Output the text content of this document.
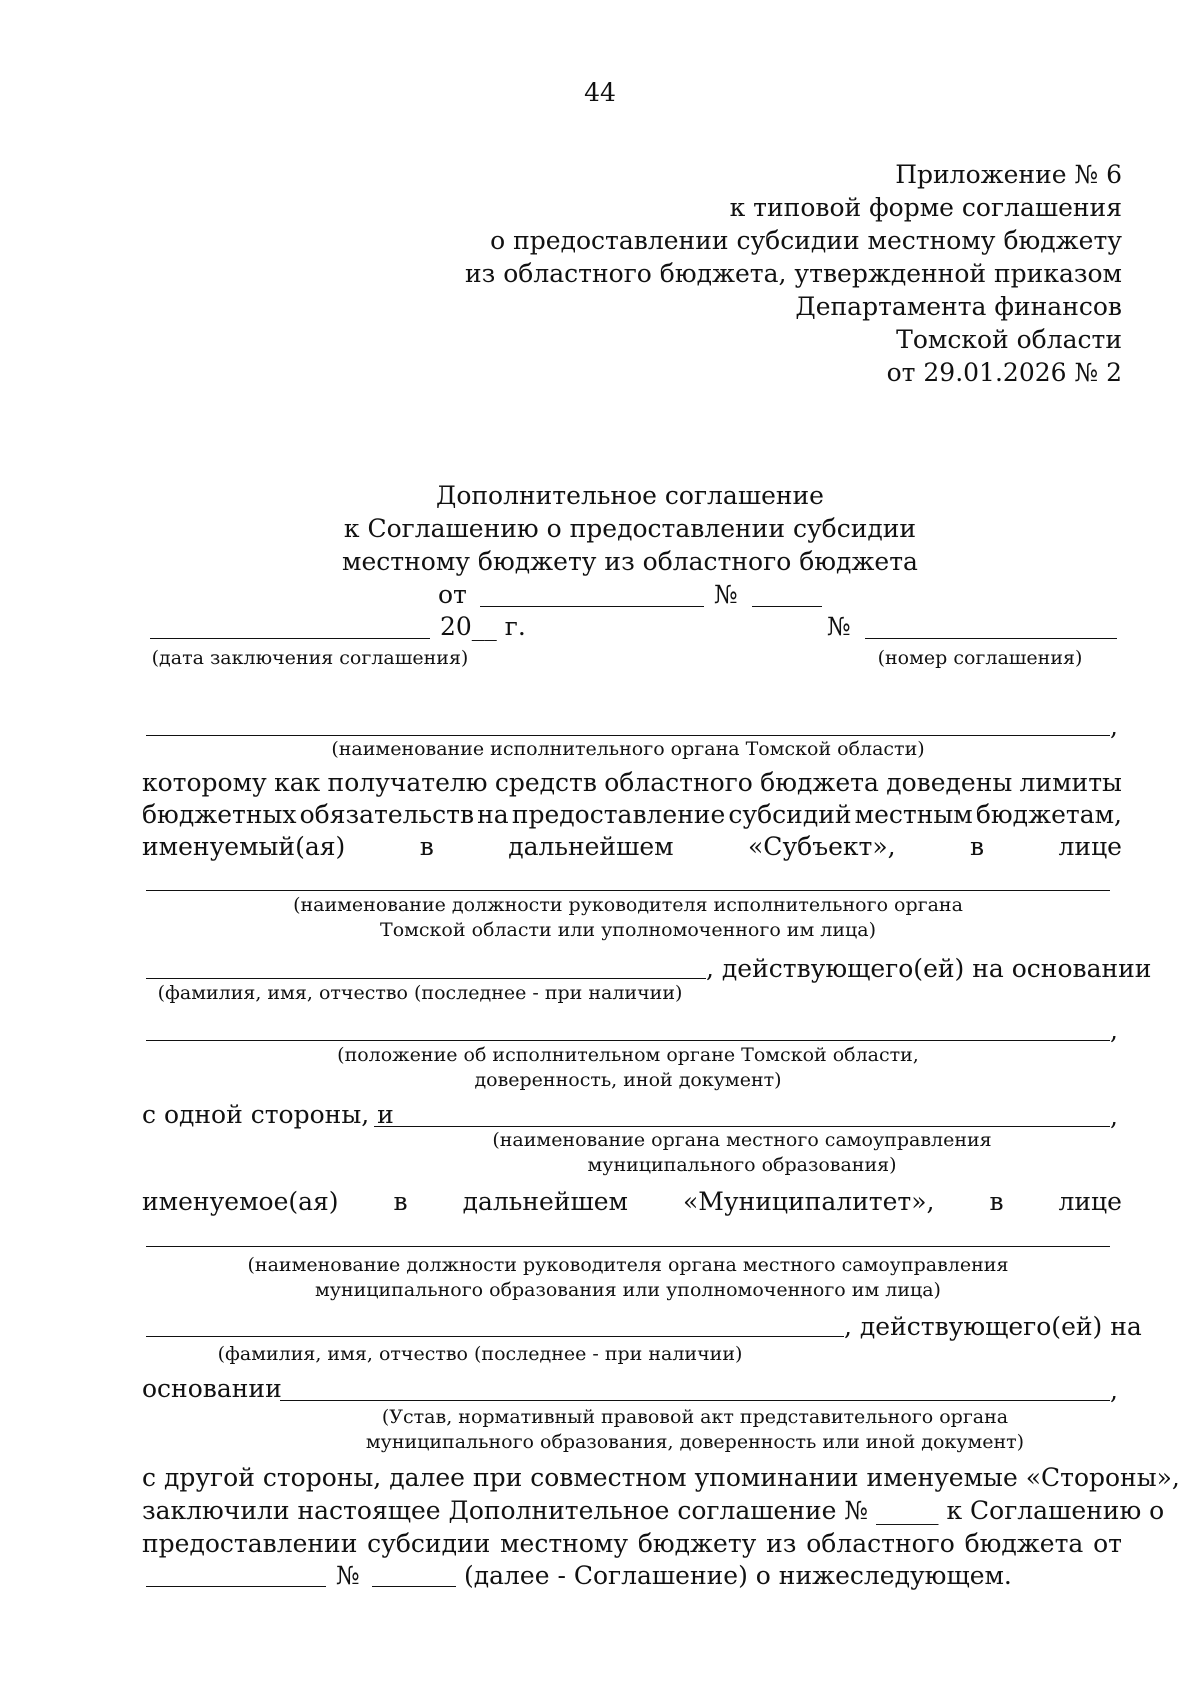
44
Приложение № 6
к типовой форме соглашения
о предоставлении субсидии местному бюджету
из областного бюджета, утвержденной приказом
Департамента финансов
Томской области
от 29.01.2026 № 2
Дополнительное соглашение
к Соглашению о предоставлении субсидии
местному бюджету из областного бюджета
от	№
20__ г.	№
(дата заключения соглашения)	(номер соглашения)
,
(наименование исполнительного органа Томской области)
которому как получателю средств областного бюджета доведены лимиты
бюджетных обязательств на предоставление субсидий местным бюджетам,
именуемый(ая)	в	дальнейшем	«Субъект»,	в	лице
(наименование должности руководителя исполнительного органа
Томской области или уполномоченного им лица)
, действующего(ей) на основании
(фамилия, имя, отчество (последнее - при наличии)
,
(положение об исполнительном органе Томской области,
доверенность, иной документ)
с одной стороны, и	,
(наименование органа местного самоуправления
муниципального образования)
именуемое(ая) в дальнейшем «Муниципалитет», в лице
(наименование должности руководителя органа местного самоуправления
муниципального образования или уполномоченного им лица)
, действующего(ей) на
(фамилия, имя, отчество (последнее - при наличии)
основании	,
(Устав, нормативный правовой акт представительного органа
муниципального образования, доверенность или иной документ)
с другой стороны, далее при совместном упоминании именуемые «Стороны»,
заключили настоящее Дополнительное соглашение № _____ к Соглашению о
предоставлении субсидии местному бюджету из областного бюджета от
№	(далее - Соглашение) о нижеследующем.
